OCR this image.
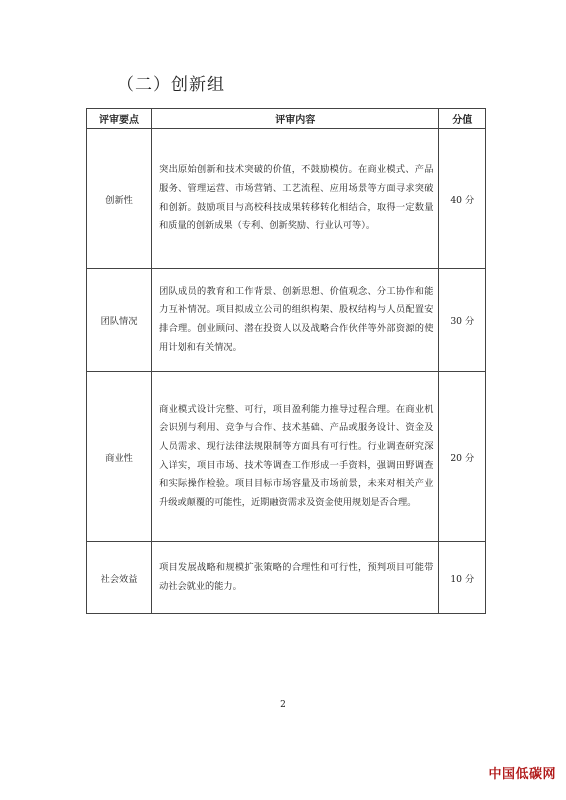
（二）创新组
评审要点	评审内容	分值
创新性	突出原始创新和技术突破的价值，不鼓励模仿。在商业模式、产品服务、管理运营、市场营销、工艺流程、应用场景等方面寻求突破和创新。鼓励项目与高校科技成果转移转化相结合，取得一定数量和质量的创新成果（专利、创新奖励、行业认可等）。	40 分
团队情况	团队成员的教育和工作背景、创新思想、价值观念、分工协作和能力互补情况。项目拟成立公司的组织构架、股权结构与人员配置安排合理。创业顾问、潜在投资人以及战略合作伙伴等外部资源的使用计划和有关情况。	30 分
商业性	商业模式设计完整、可行，项目盈利能力推导过程合理。在商业机会识别与利用、竞争与合作、技术基础、产品或服务设计、资金及人员需求、现行法律法规限制等方面具有可行性。行业调查研究深入详实，项目市场、技术等调查工作形成一手资料，强调田野调查和实际操作检验。项目目标市场容量及市场前景，未来对相关产业升级或颠覆的可能性，近期融资需求及资金使用规划是否合理。	20 分
社会效益	项目发展战略和规模扩张策略的合理性和可行性，预判项目可能带动社会就业的能力。	10 分
2
中国低碳网
